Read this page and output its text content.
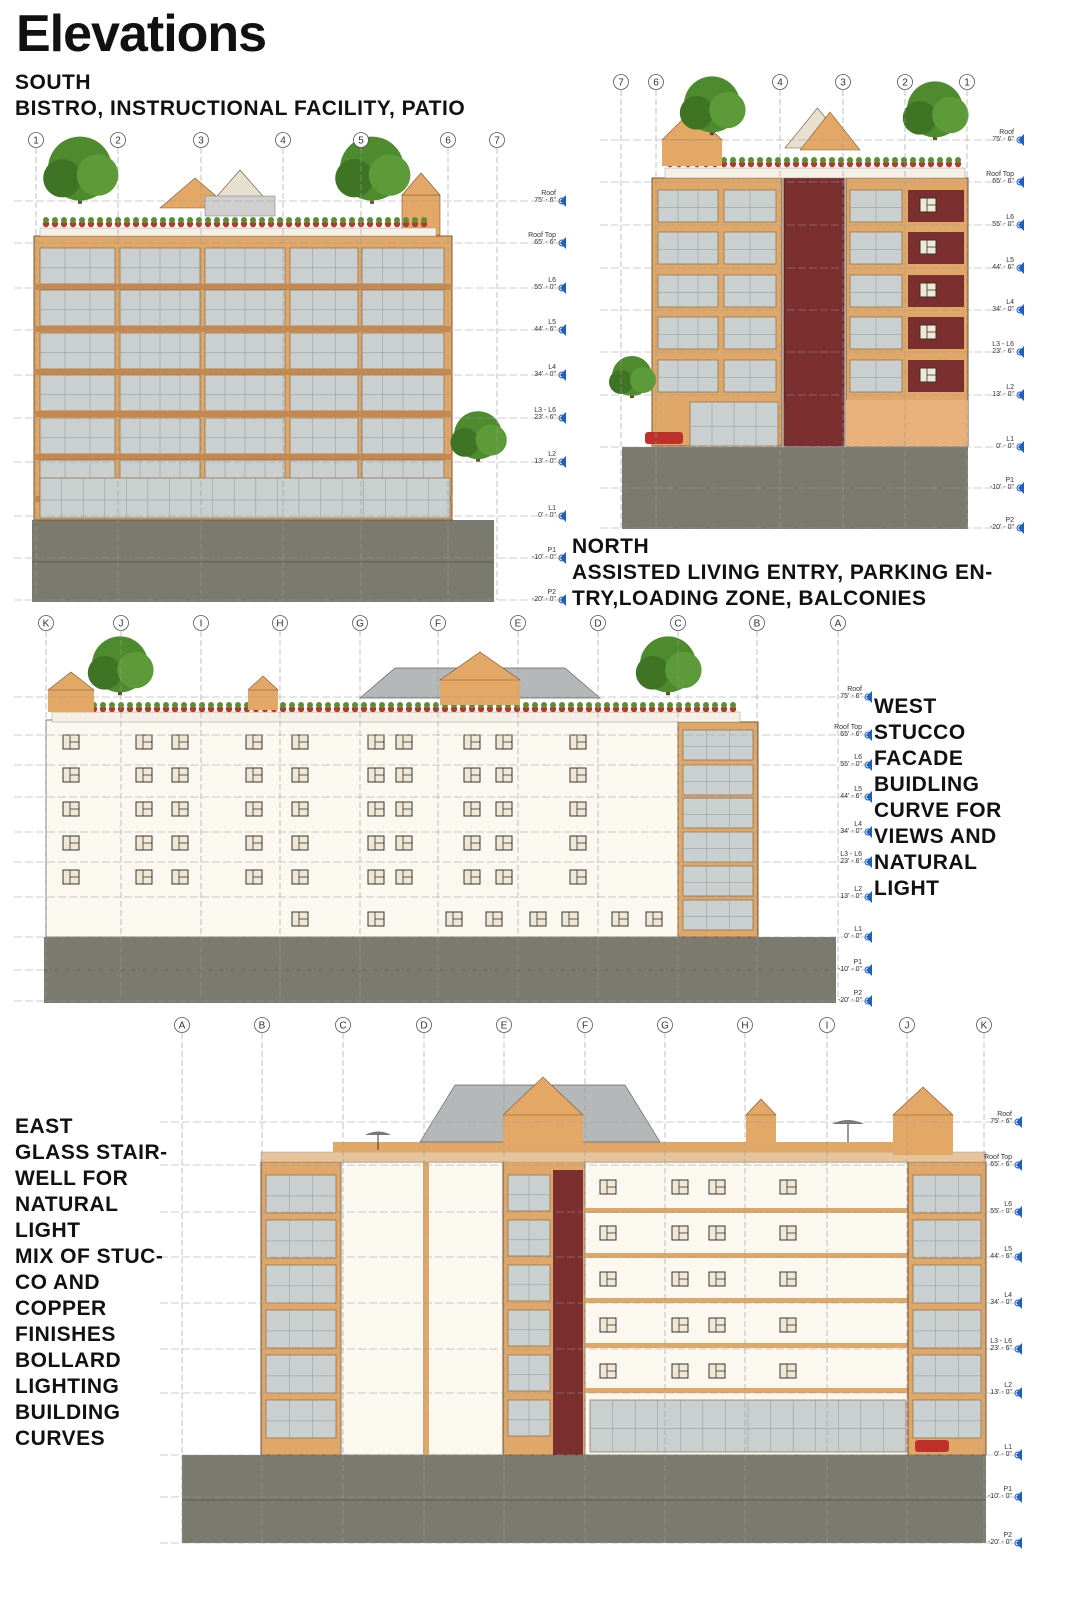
Elevations
1	2	3	4	5	6	7
Roof
75' - 6"
Roof Top
65' - 6"
L6
55' - 0"
L5
44' - 6"
L4
34' - 0"
L3 - L6
23' - 6"
L2
13' - 0"
L1
0' - 0"
P1
-10' - 0"
P2
-20' - 0"
7	6	4	3	2	1
Roof
75' - 6"
Roof Top
65' - 6"
L6
55' - 0"
L5
44' - 6"
L4
34' - 0"
L3 - L6
23' - 6"
L2
13' - 0"
L1
0' - 0"
P1
-10' - 0"
P2
-20' - 0"
K	J	I	H	G	F	E	D	C	B	A
Roof
75' - 6"
Roof Top
65' - 6"
L6
55' - 0"
L5
44' - 6"
L4
34' - 0"
L3 - L6
23' - 6"
L2
13' - 0"
L1
0' - 0"
P1
-10' - 0"
P2
-20' - 0"
A	B	C	D	E	F	G	H	I	J	K
Roof
75' - 6"
Roof Top
65' - 6"
L6
55' - 0"
L5
44' - 6"
L4
34' - 0"
L3 - L6
23' - 6"
L2
13' - 0"
L1
0' - 0"
P1
-10' - 0"
P2
-20' - 0"
SOUTH
BISTRO, INSTRUCTIONAL FACILITY, PATIO
NORTH
ASSISTED LIVING ENTRY, PARKING EN-
TRY,LOADING ZONE, BALCONIES
WEST
STUCCO
FACADE
BUIDLING
CURVE FOR
VIEWS AND
NATURAL
LIGHT
EAST
GLASS STAIR-
WELL FOR
NATURAL
LIGHT
MIX OF STUC-
CO AND
COPPER
FINISHES
BOLLARD
LIGHTING
BUILDING
CURVES
